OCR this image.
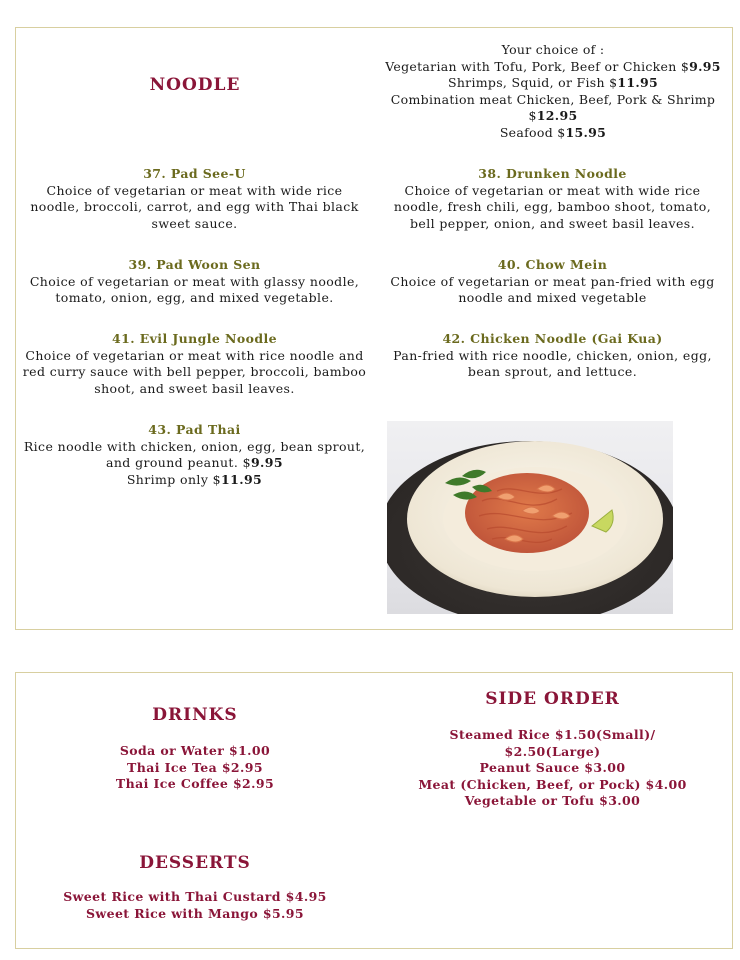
NOODLE
Your choice of :
Vegetarian with Tofu, Pork, Beef or Chicken $9.95
Shrimps, Squid, or Fish $11.95
Combination meat Chicken, Beef, Pork & Shrimp
$12.95
Seafood $15.95
37. Pad See-U
Choice of vegetarian or meat with wide rice noodle, broccoli, carrot, and egg with Thai black sweet sauce.
38. Drunken Noodle
Choice of vegetarian or meat with wide rice noodle, fresh chili, egg, bamboo shoot, tomato, bell pepper, onion, and sweet basil leaves.
39. Pad Woon Sen
Choice of vegetarian or meat with glassy noodle, tomato, onion, egg, and mixed vegetable.
40. Chow Mein
Choice of vegetarian or meat pan-fried with egg noodle and mixed vegetable
41. Evil Jungle Noodle
Choice of vegetarian or meat with rice noodle and red curry sauce with bell pepper, broccoli, bamboo shoot, and sweet basil leaves.
42. Chicken Noodle (Gai Kua)
Pan-fried with rice noodle, chicken, onion, egg, bean sprout, and lettuce.
43. Pad Thai
Rice noodle with chicken, onion, egg, bean sprout, and ground peanut. $9.95
Shrimp only $11.95
DRINKS
Soda or Water $1.00
Thai Ice Tea $2.95
Thai Ice Coffee $2.95
SIDE ORDER
Steamed Rice $1.50(Small)/
$2.50(Large)
Peanut Sauce $3.00
Meat (Chicken, Beef, or Pock) $4.00
Vegetable or Tofu $3.00
DESSERTS
Sweet Rice with Thai Custard $4.95
Sweet Rice with Mango $5.95
